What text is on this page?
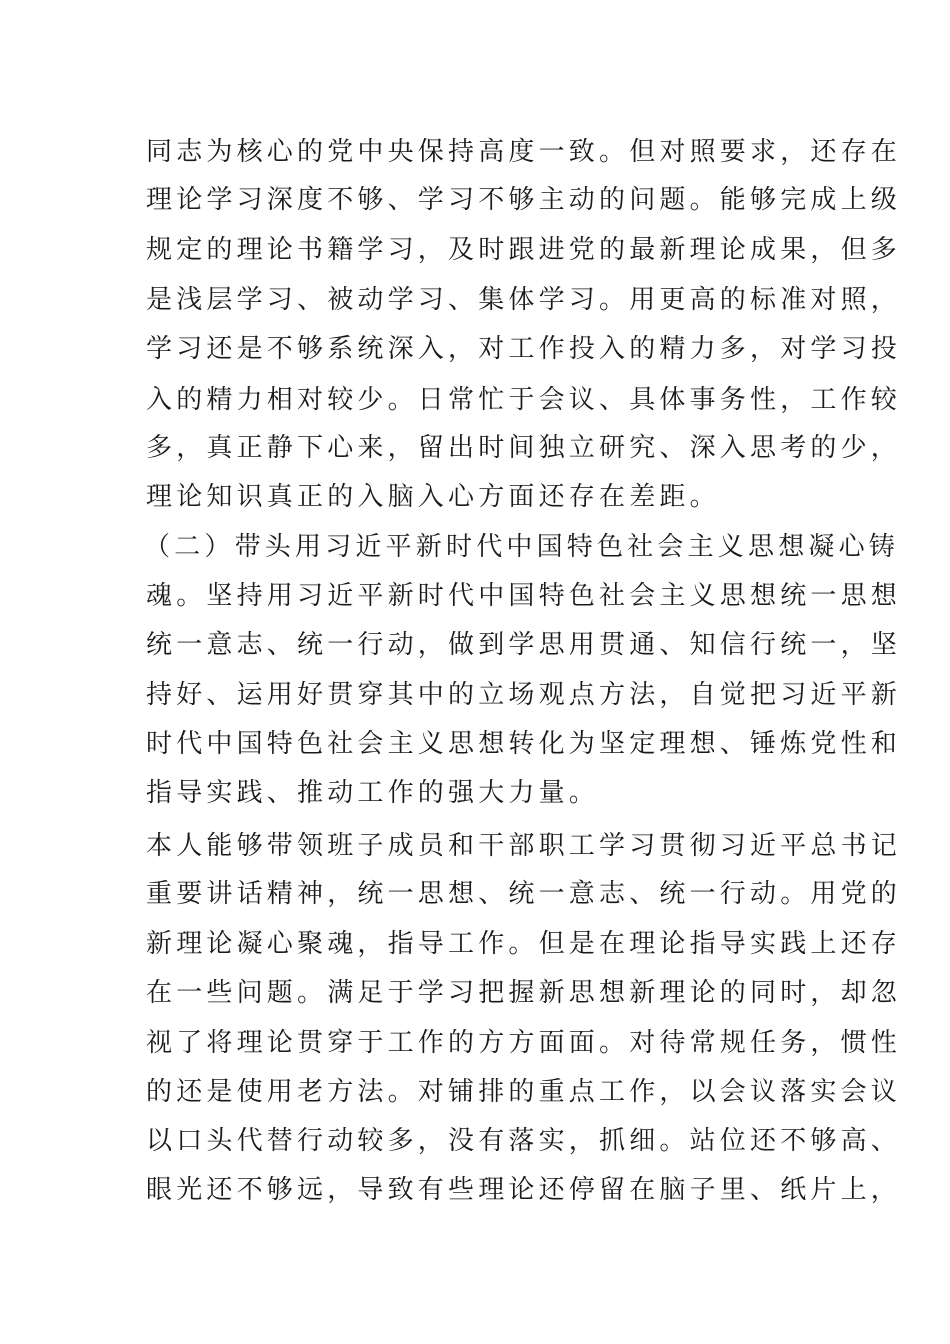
同志为核心的党中央保持高度一致。但对照要求，还存在
理论学习深度不够、学习不够主动的问题。能够完成上级
规定的理论书籍学习，及时跟进党的最新理论成果，但多
是浅层学习、被动学习、集体学习。用更高的标准对照，
学习还是不够系统深入，对工作投入的精力多，对学习投
入的精力相对较少。日常忙于会议、具体事务性，工作较
多，真正静下心来，留出时间独立研究、深入思考的少，
理论知识真正的入脑入心方面还存在差距。
（二）带头用习近平新时代中国特色社会主义思想凝心铸
魂。坚持用习近平新时代中国特色社会主义思想统一思想
统一意志、统一行动，做到学思用贯通、知信行统一，坚
持好、运用好贯穿其中的立场观点方法，自觉把习近平新
时代中国特色社会主义思想转化为坚定理想、锤炼党性和
指导实践、推动工作的强大力量。
本人能够带领班子成员和干部职工学习贯彻习近平总书记
重要讲话精神，统一思想、统一意志、统一行动。用党的
新理论凝心聚魂，指导工作。但是在理论指导实践上还存
在一些问题。满足于学习把握新思想新理论的同时，却忽
视了将理论贯穿于工作的方方面面。对待常规任务，惯性
的还是使用老方法。对铺排的重点工作，以会议落实会议
以口头代替行动较多，没有落实，抓细。站位还不够高、
眼光还不够远，导致有些理论还停留在脑子里、纸片上，
